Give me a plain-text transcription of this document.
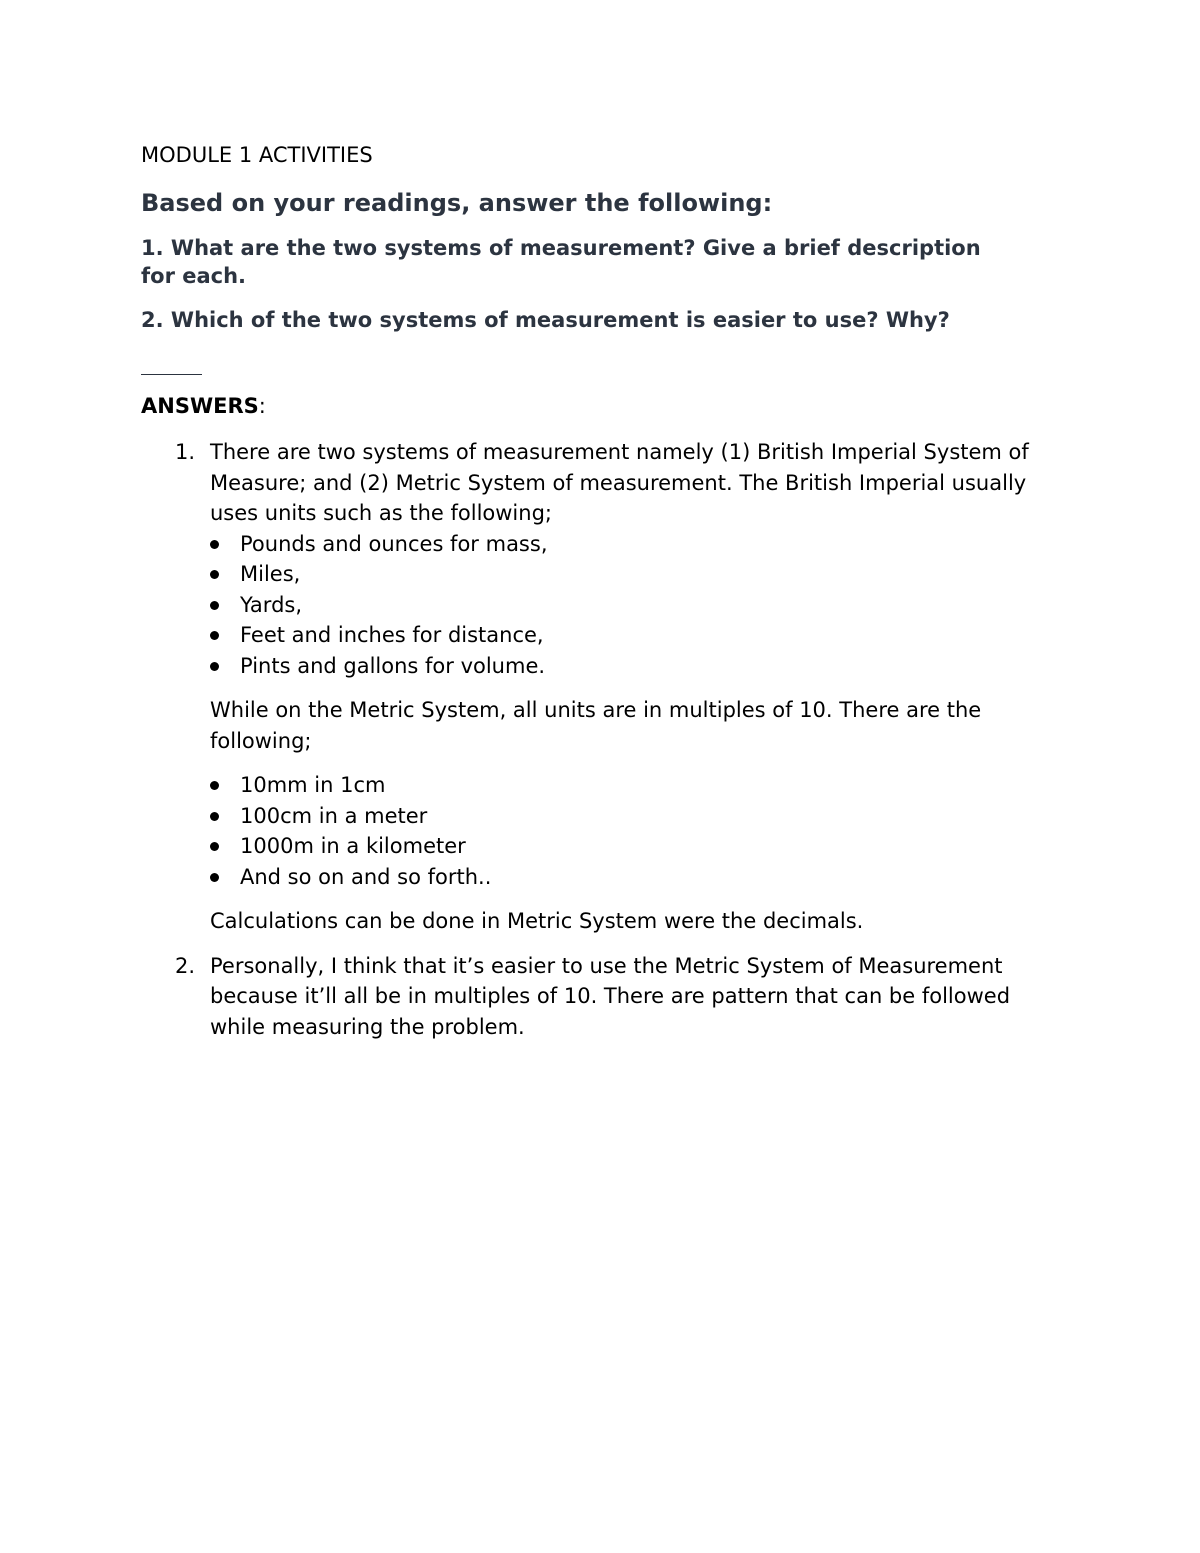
MODULE 1 ACTIVITIES

Based on your readings, answer the following:

1. What are the two systems of measurement? Give a brief description for each.

2. Which of the two systems of measurement is easier to use? Why?

ANSWERS:
1. There are two systems of measurement namely (1) British Imperial System of Measure; and (2) Metric System of measurement. The British Imperial usually uses units such as the following;
Pounds and ounces for mass,
Miles,
Yards,
Feet and inches for distance,
Pints and gallons for volume.
While on the Metric System, all units are in multiples of 10. There are the following;
10mm in 1cm
100cm in a meter
1000m in a kilometer
And so on and so forth..
Calculations can be done in Metric System were the decimals.
2. Personally, I think that it’s easier to use the Metric System of Measurement because it’ll all be in multiples of 10. There are pattern that can be followed while measuring the problem.
